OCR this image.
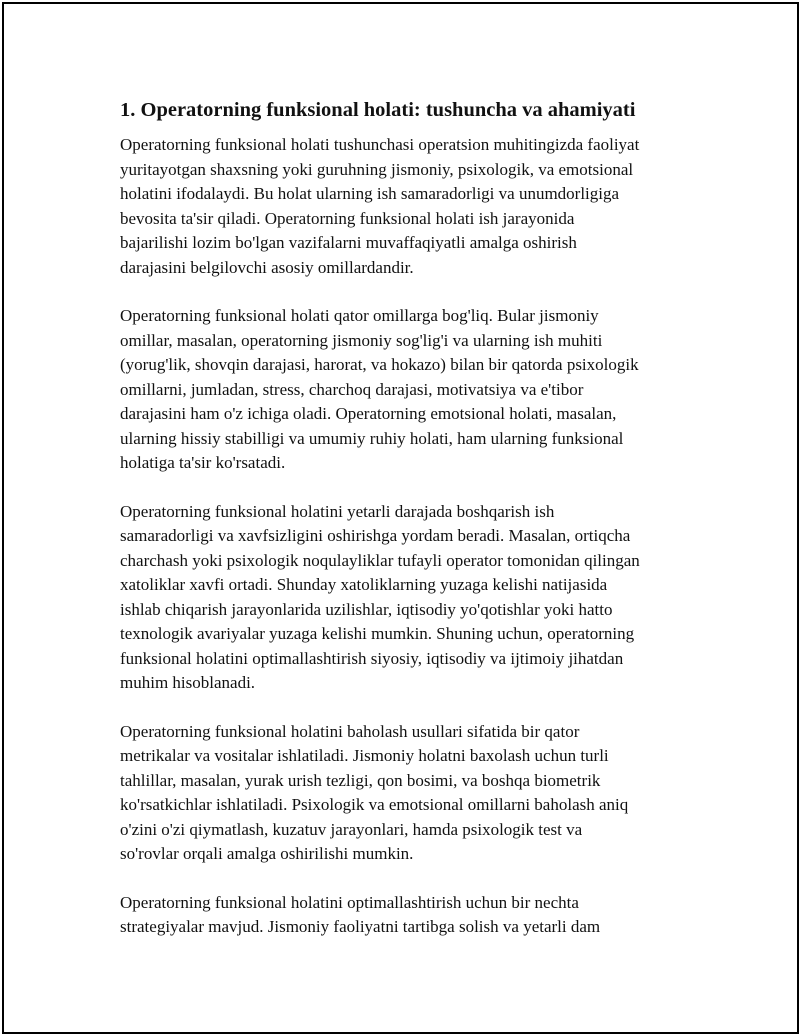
1. Operatorning funksional holati: tushuncha va ahamiyati

Operatorning funksional holati tushunchasi operatsion muhitingizda faoliyat
yuritayotgan shaxsning yoki guruhning jismoniy, psixologik, va emotsional
holatini ifodalaydi. Bu holat ularning ish samaradorligi va unumdorligiga
bevosita ta'sir qiladi. Operatorning funksional holati ish jarayonida
bajarilishi lozim bo'lgan vazifalarni muvaffaqiyatli amalga oshirish
darajasini belgilovchi asosiy omillardandir.

Operatorning funksional holati qator omillarga bog'liq. Bular jismoniy
omillar, masalan, operatorning jismoniy sog'lig'i va ularning ish muhiti
(yorug'lik, shovqin darajasi, harorat, va hokazo) bilan bir qatorda psixologik
omillarni, jumladan, stress, charchoq darajasi, motivatsiya va e'tibor
darajasini ham o'z ichiga oladi. Operatorning emotsional holati, masalan,
ularning hissiy stabilligi va umumiy ruhiy holati, ham ularning funksional
holatiga ta'sir ko'rsatadi.

Operatorning funksional holatini yetarli darajada boshqarish ish
samaradorligi va xavfsizligini oshirishga yordam beradi. Masalan, ortiqcha
charchash yoki psixologik noqulayliklar tufayli operator tomonidan qilingan
xatoliklar xavfi ortadi. Shunday xatoliklarning yuzaga kelishi natijasida
ishlab chiqarish jarayonlarida uzilishlar, iqtisodiy yo'qotishlar yoki hatto
texnologik avariyalar yuzaga kelishi mumkin. Shuning uchun, operatorning
funksional holatini optimallashtirish siyosiy, iqtisodiy va ijtimoiy jihatdan
muhim hisoblanadi.

Operatorning funksional holatini baholash usullari sifatida bir qator
metrikalar va vositalar ishlatiladi. Jismoniy holatni baxolash uchun turli
tahlillar, masalan, yurak urish tezligi, qon bosimi, va boshqa biometrik
ko'rsatkichlar ishlatiladi. Psixologik va emotsional omillarni baholash aniq
o'zini o'zi qiymatlash, kuzatuv jarayonlari, hamda psixologik test va
so'rovlar orqali amalga oshirilishi mumkin.

Operatorning funksional holatini optimallashtirish uchun bir nechta
strategiyalar mavjud. Jismoniy faoliyatni tartibga solish va yetarli dam
